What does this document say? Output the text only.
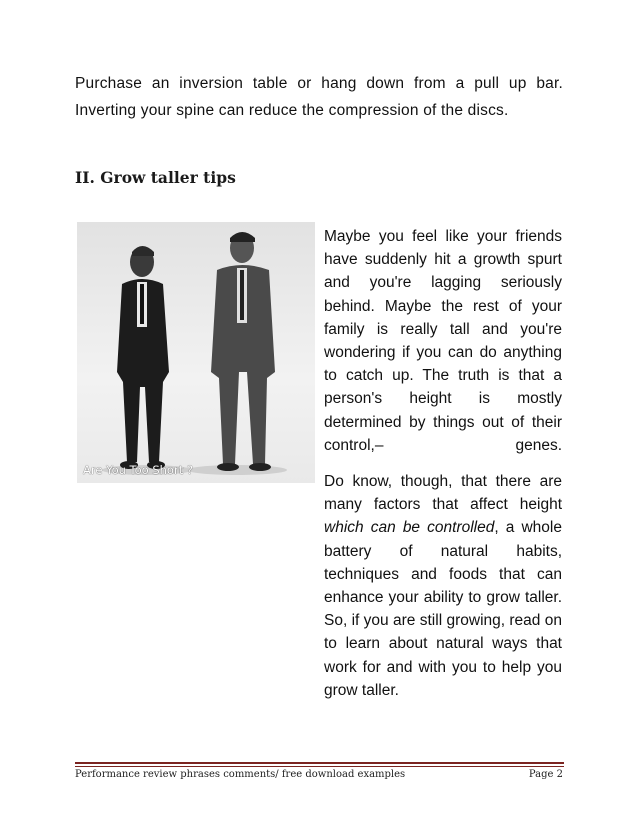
Purchase an inversion table or hang down from a pull up bar. Inverting your spine can reduce the compression of the discs.
II. Grow taller tips
Are You Too Short ?

Maybe you feel like your friends have suddenly hit a growth spurt and you're lagging seriously behind. Maybe the rest of your family is really tall and you're wondering if you can do anything to catch up. The truth is that a person's height is mostly determined by things out of their
control,– genes.

Do know, though, that there are many factors that affect height which can be controlled, a whole battery of natural habits, techniques and foods that can enhance your ability to grow taller. So, if you are still growing, read on to learn about natural ways that work for and with you to help you grow taller.

Performance review phrases comments/ free download examples	Page 2
